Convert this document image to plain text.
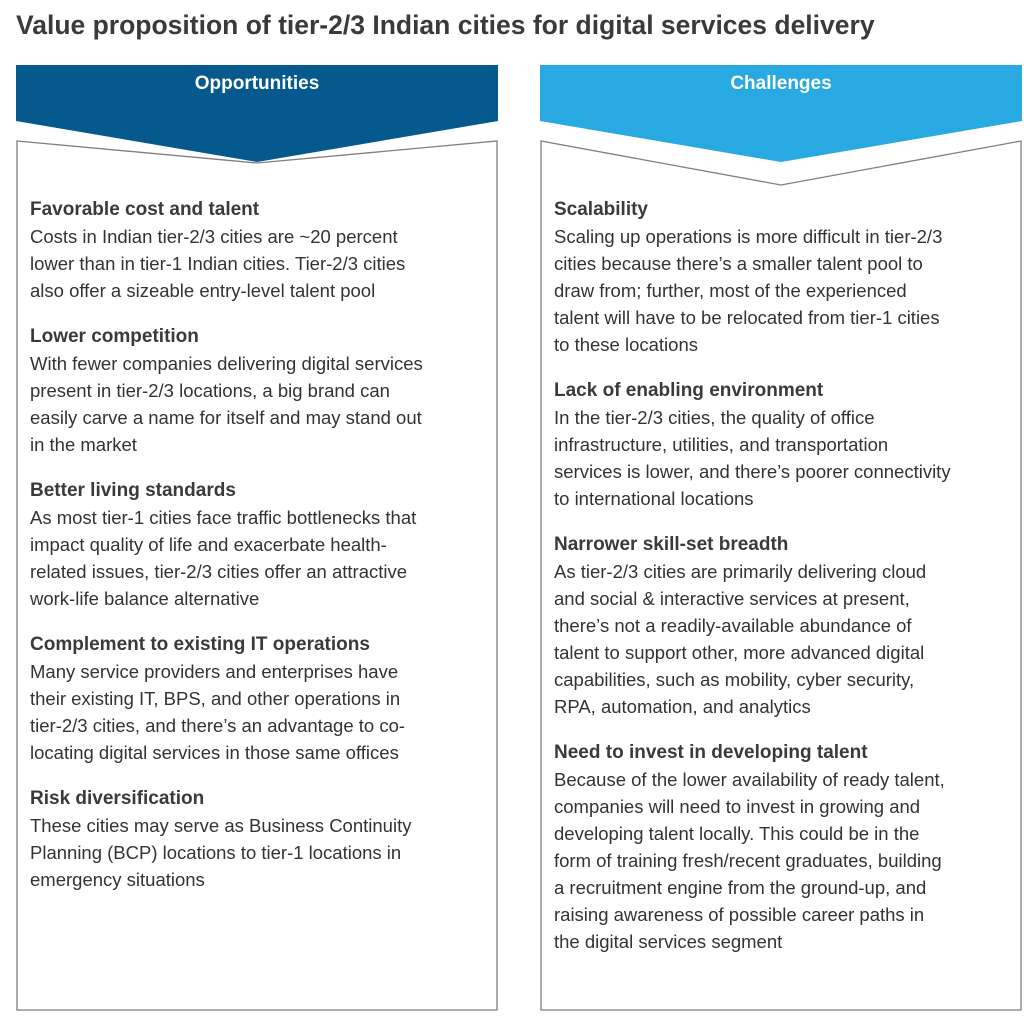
Value proposition of tier-2/3 Indian cities for digital services delivery
Opportunities
Favorable cost and talent
Costs in Indian tier-2/3 cities are ~20 percent
lower than in tier-1 Indian cities. Tier-2/3 cities
also offer a sizeable entry-level talent pool
Lower competition
With fewer companies delivering digital services
present in tier-2/3 locations, a big brand can
easily carve a name for itself and may stand out
in the market
Better living standards
As most tier-1 cities face traffic bottlenecks that
impact quality of life and exacerbate health-
related issues, tier-2/3 cities offer an attractive
work-life balance alternative
Complement to existing IT operations
Many service providers and enterprises have
their existing IT, BPS, and other operations in
tier-2/3 cities, and there’s an advantage to co-
locating digital services in those same offices
Risk diversification
These cities may serve as Business Continuity
Planning (BCP) locations to tier-1 locations in
emergency situations
Challenges
Scalability
Scaling up operations is more difficult in tier-2/3
cities because there’s a smaller talent pool to
draw from; further, most of the experienced
talent will have to be relocated from tier-1 cities
to these locations
Lack of enabling environment
In the tier-2/3 cities, the quality of office
infrastructure, utilities, and transportation
services is lower, and there’s poorer connectivity
to international locations
Narrower skill-set breadth
As tier-2/3 cities are primarily delivering cloud
and social & interactive services at present,
there’s not a readily-available abundance of
talent to support other, more advanced digital
capabilities, such as mobility, cyber security,
RPA, automation, and analytics
Need to invest in developing talent
Because of the lower availability of ready talent,
companies will need to invest in growing and
developing talent locally. This could be in the
form of training fresh/recent graduates, building
a recruitment engine from the ground-up, and
raising awareness of possible career paths in
the digital services segment
